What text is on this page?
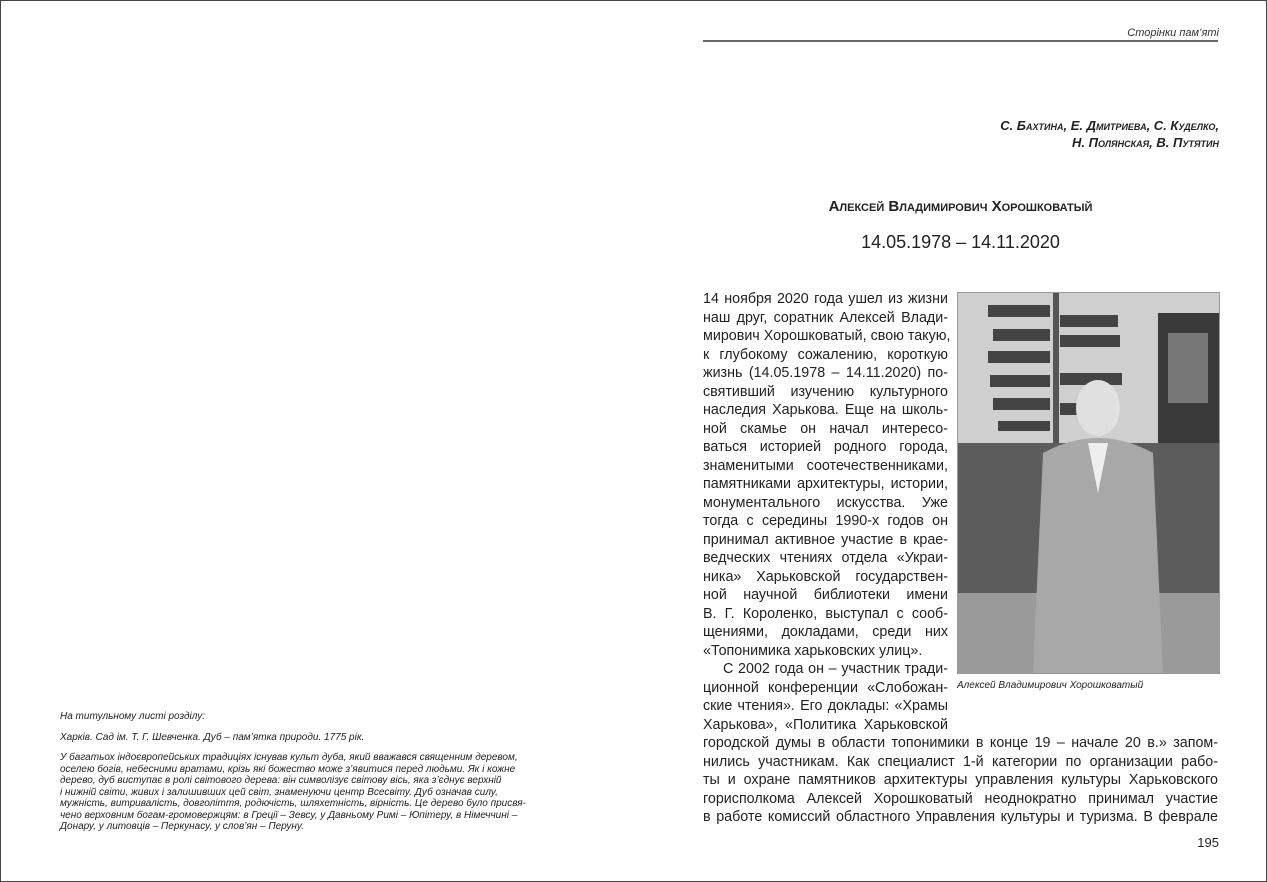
На титульному листі розділу:

Харків. Сад ім. Т. Г. Шевченка. Дуб – пам’ятка природи. 1775 рік.

У багатьох індоєвропейських традиціях існував культ дуба, який вважався священним деревом,
оселею богів, небесними вратами, крізь які божество може з’явитися перед людьми. Як і кожне
дерево, дуб виступає в ролі світового дерева: він символізує світову вісь, яка з’єднує верхній
і нижній світи, живих і залишивших цей світ, знаменуючи центр Всесвіту. Дуб означав силу,
мужність, витривалість, довголіття, родючість, шляхетність, вірність. Це дерево було присвя-
чено верховним богам-громовержцям: в Греції – Зевсу, у Давньому Римі – Юпітеру, в Німеччині –
Донару, у литовців – Перкунасу, у слов’ян – Перуну.

Сторінки пам’яті
С. Бахтина, Е. Дмитриева, С. Куделко,
Н. Полянская, В. Путятин
Алексей Владимирович Хорошковатый
14.05.1978 – 14.11.2020
14 ноября 2020 года ушел из жизни
наш друг, соратник Алексей Влади-
мирович Хорошковатый, свою такую,
к глубокому сожалению, короткую
жизнь (14.05.1978 – 14.11.2020) по-
святивший изучению культурного
наследия Харькова. Еще на школь-
ной скамье он начал интересо-
ваться историей родного города,
знаменитыми соотечественниками,
памятниками архитектуры, истории,
монументального искусства. Уже
тогда с середины 1990-х годов он
принимал активное участие в крае-
ведческих чтениях отдела «Украи-
ника» Харьковской государствен-
ной научной библиотеки имени
В. Г. Короленко, выступал с сооб-
щениями, докладами, среди них
«Топонимика харьковских улиц».
С 2002 года он – участник тради-
ционной конференции «Слобожан-
ские чтения». Его доклады: «Храмы
Харькова», «Политика Харьковской
Алексей Владимирович Хорошковатый
городской думы в области топонимики в конце 19 – начале 20 в.» запом-
нились участникам. Как специалист 1-й категории по организации рабо-
ты и охране памятников архитектуры управления культуры Харьковского
горисполкома Алексей Хорошковатый неоднократно принимал участие
в работе комиссий областного Управления культуры и туризма. В феврале
195
